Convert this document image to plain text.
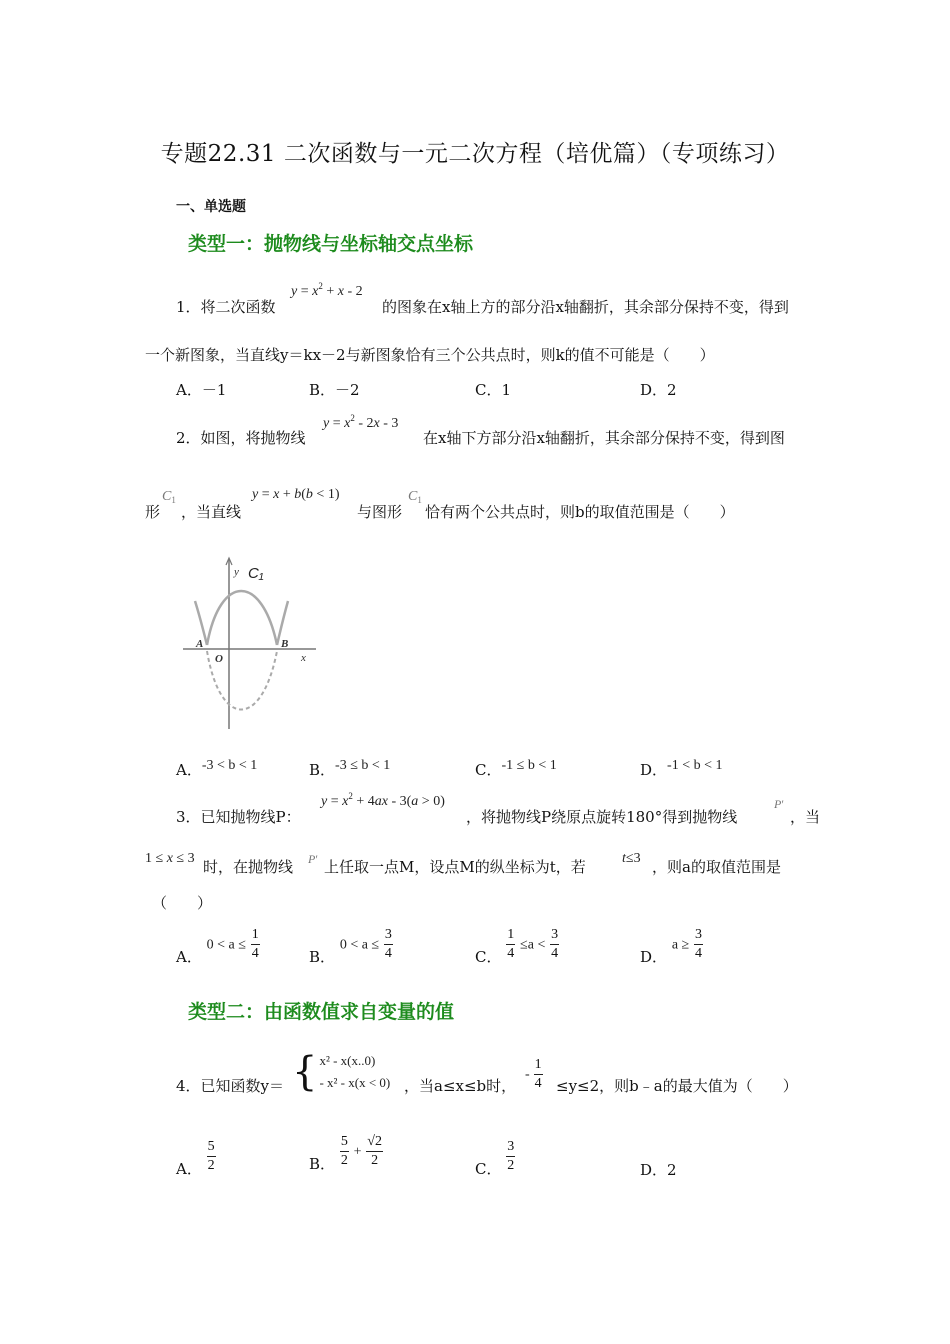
专题22.31 二次函数与一元二次方程（培优篇）（专项练习）
一、单选题
类型一：抛物线与坐标轴交点坐标
1．将二次函数
$y = x^2 + x - 2$
的图象在x轴上方的部分沿x轴翻折，其余部分保持不变，得到
一个新图象，当直线y＝kx－2与新图象恰有三个公共点时，则k的值不可能是（　　）
A．－1	B．－2	C．1	D．2
2．如图，将抛物线
$y = x^2 - 2x - 3$
在x轴下方部分沿x轴翻折，其余部分保持不变，得到图
形
$C_1$
，当直线
y = x + b(b < 1)
与图形
$C_1$
恰有两个公共点时，则b的取值范围是（　　）
y C₁
A
O
B
x
A．-3 < b < 1	B．-3 ≤ b < 1	C．-1 ≤ b < 1	D．-1 < b < 1
3．已知抛物线P：
$y = x^2 + 4ax - 3(a > 0)$
，将抛物线P绕原点旋转180°得到抛物线
P′
，当
1 ≤ x ≤ 3 时，在抛物线 P′ 上任取一点M，设点M的纵坐标为t，若	t≤3 ，则a的取值范围是
（　　）
A． $0 < a \le \frac{1}{4}$	B． $0 < a \le \frac{3}{4}$	C． $\frac{1}{4} \le a < \frac{3}{4}$	D． $a \ge \frac{3}{4}$
类型二：由函数值求自变量的值
4．已知函数y＝ { x² - x(x..0)
- x² - x(x < 0) ，当a≤x≤b时，
- $\frac{1}{4} \le y\le 2$，则b﹣a的最大值为（　　）
A． $\frac{5}{2}$	B． $\frac{5}{2} + \frac{√2}{2}$	C． $\frac{3}{2}$	D．2
